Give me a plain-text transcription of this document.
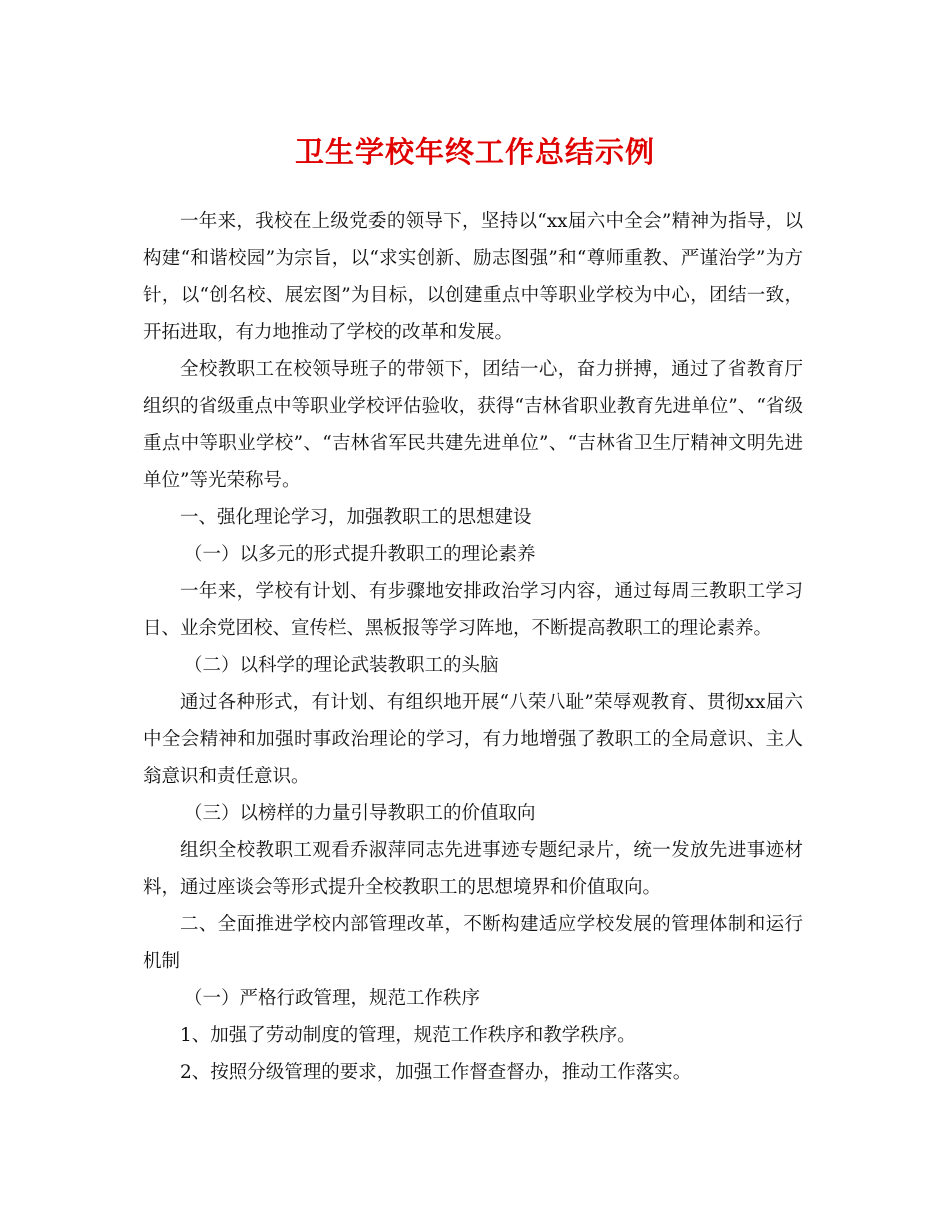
卫生学校年终工作总结示例

一年来，我校在上级党委的领导下，坚持以“xx届六中全会”精神为指导，以构建“和谐校园”为宗旨，以“求实创新、励志图强”和“尊师重教、严谨治学”为方针，以“创名校、展宏图”为目标，以创建重点中等职业学校为中心，团结一致，开拓进取，有力地推动了学校的改革和发展。

全校教职工在校领导班子的带领下，团结一心，奋力拼搏，通过了省教育厅组织的省级重点中等职业学校评估验收，获得“吉林省职业教育先进单位”、“省级重点中等职业学校”、“吉林省军民共建先进单位”、“吉林省卫生厅精神文明先进单位”等光荣称号。

一、强化理论学习，加强教职工的思想建设

（一）以多元的形式提升教职工的理论素养

一年来，学校有计划、有步骤地安排政治学习内容，通过每周三教职工学习日、业余党团校、宣传栏、黑板报等学习阵地，不断提高教职工的理论素养。

（二）以科学的理论武装教职工的头脑

通过各种形式，有计划、有组织地开展“八荣八耻”荣辱观教育、贯彻xx届六中全会精神和加强时事政治理论的学习，有力地增强了教职工的全局意识、主人翁意识和责任意识。

（三）以榜样的力量引导教职工的价值取向

组织全校教职工观看乔淑萍同志先进事迹专题纪录片，统一发放先进事迹材料，通过座谈会等形式提升全校教职工的思想境界和价值取向。

二、全面推进学校内部管理改革，不断构建适应学校发展的管理体制和运行机制

（一）严格行政管理，规范工作秩序

1、加强了劳动制度的管理，规范工作秩序和教学秩序。

2、按照分级管理的要求，加强工作督查督办，推动工作落实。
